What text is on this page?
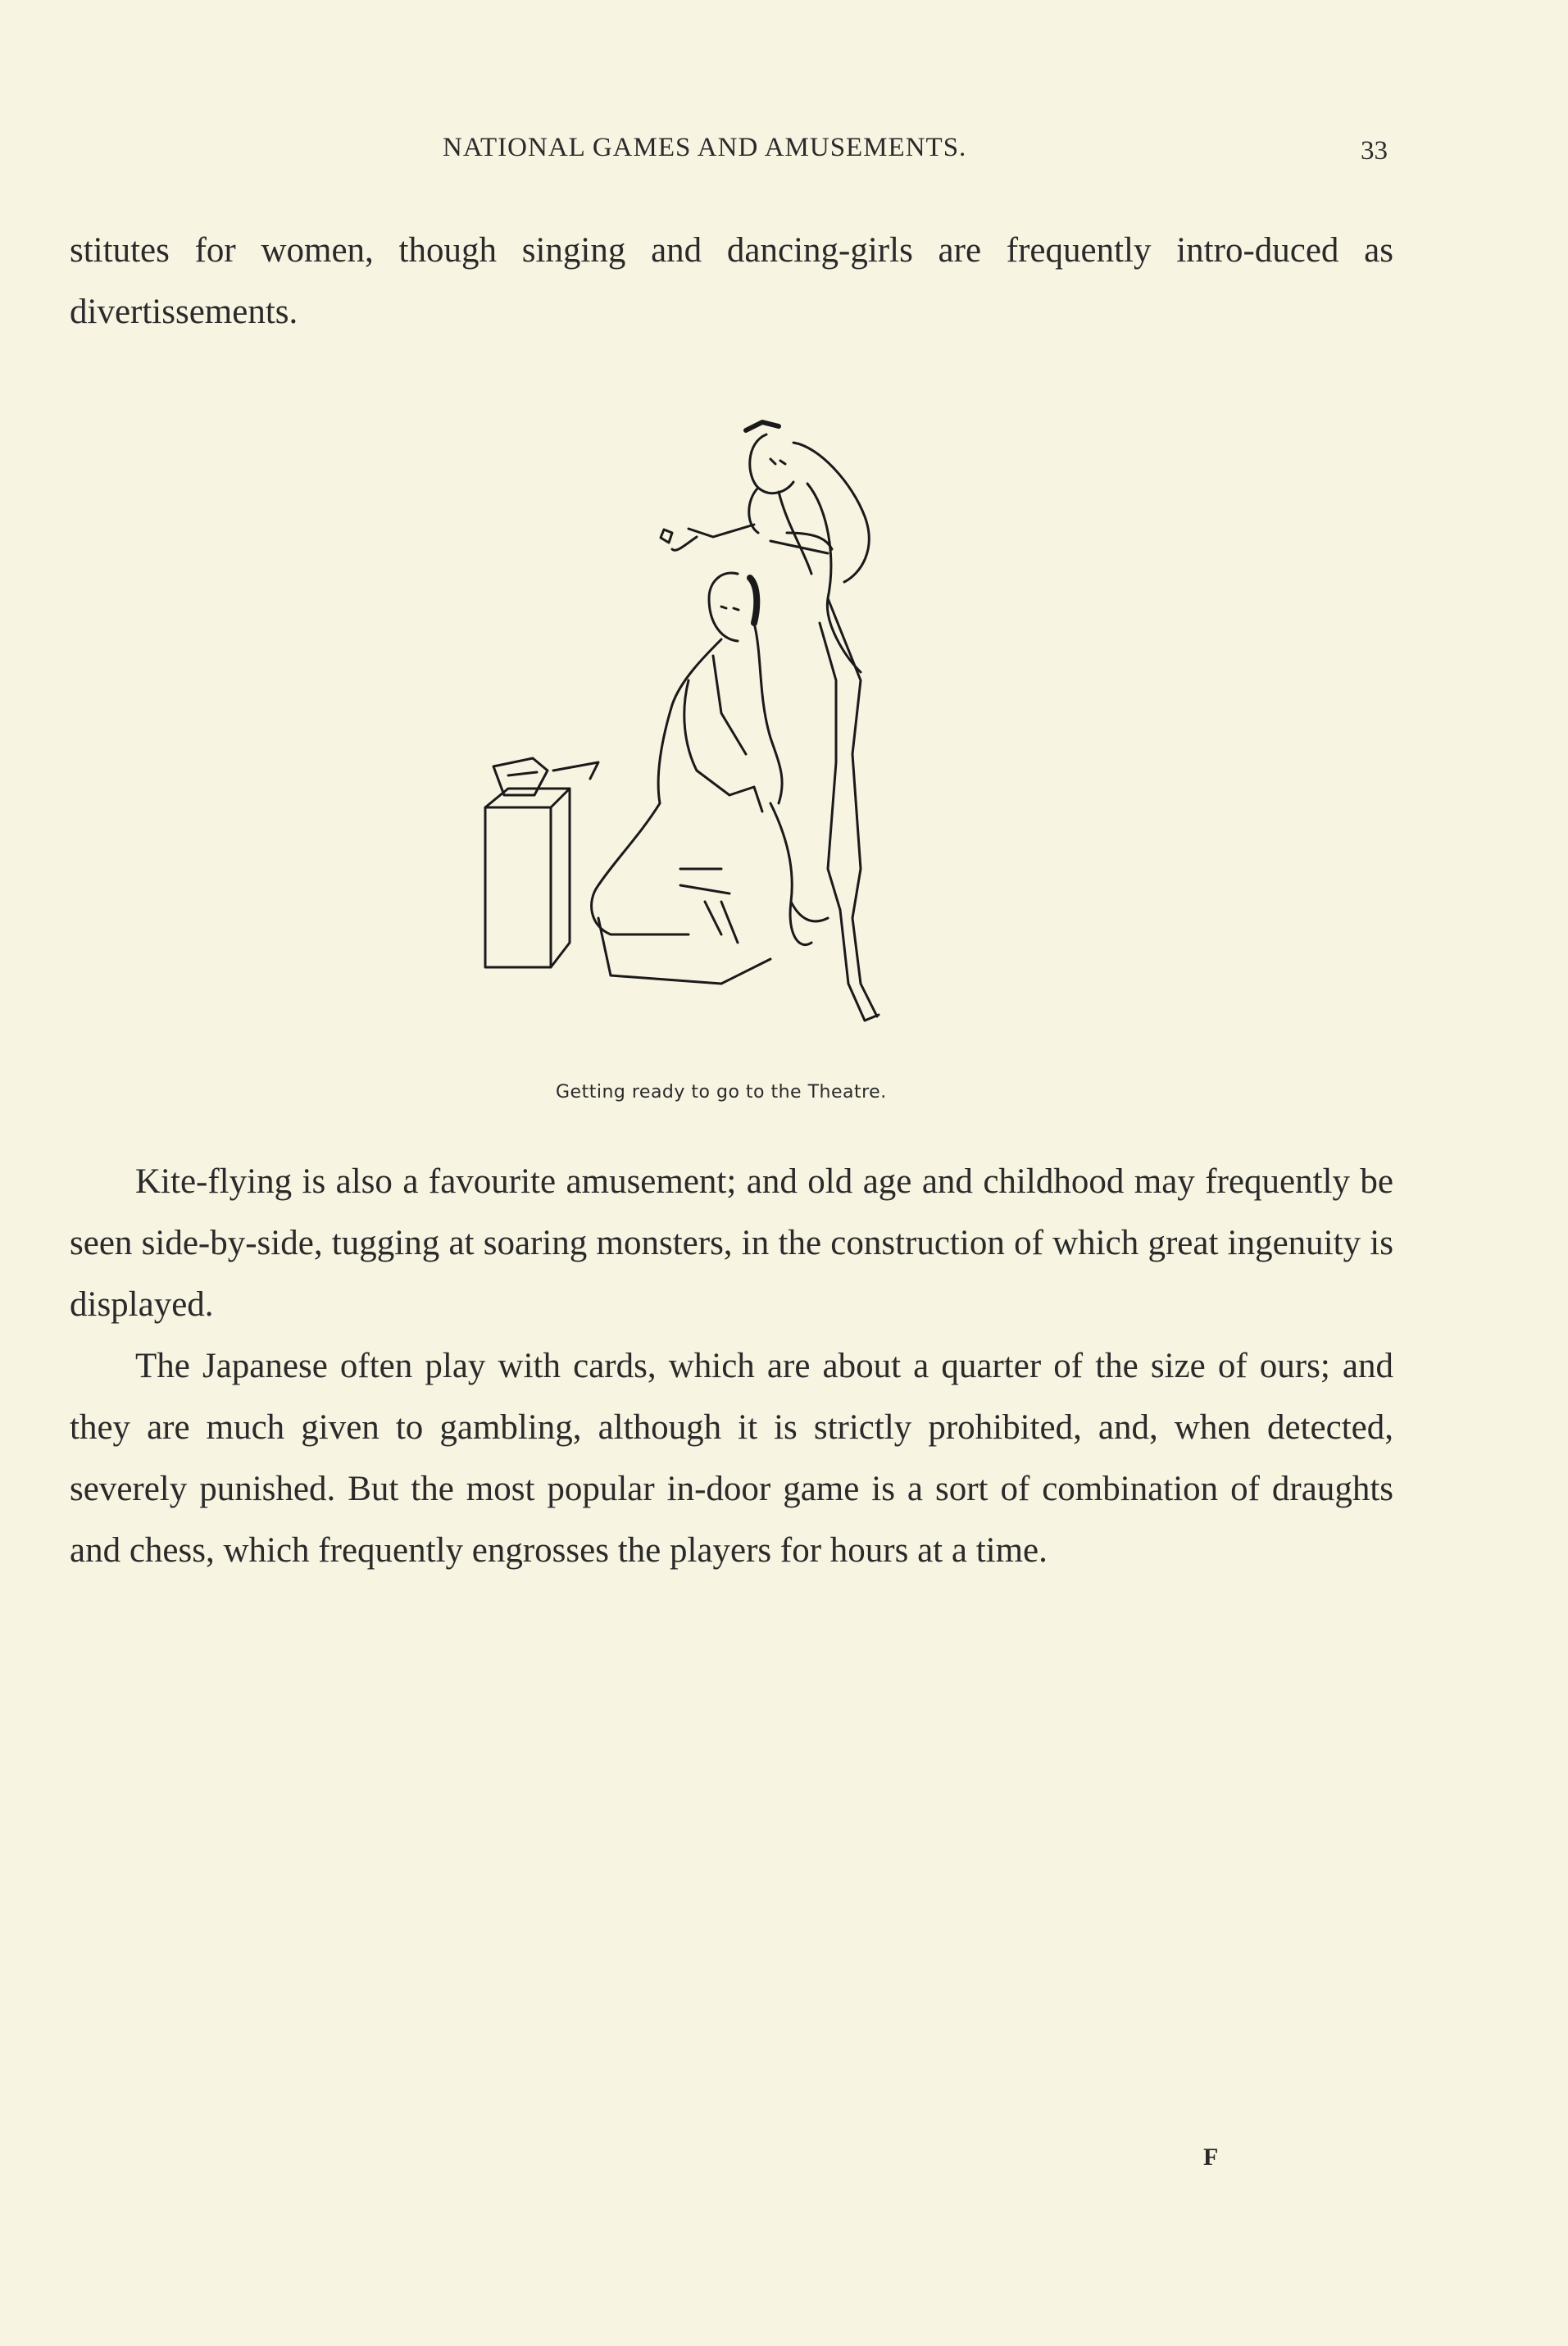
NATIONAL GAMES AND AMUSEMENTS.	33
stitutes for women, though singing and dancing-girls are frequently intro-duced as divertissements.
Getting ready to go to the Theatre.
Kite-flying is also a favourite amusement; and old age and childhood may frequently be seen side-by-side, tugging at soaring monsters, in the construction of which great ingenuity is displayed.
The Japanese often play with cards, which are about a quarter of the size of ours; and they are much given to gambling, although it is strictly prohibited, and, when detected, severely punished. But the most popular in-door game is a sort of combination of draughts and chess, which frequently engrosses the players for hours at a time.
F
